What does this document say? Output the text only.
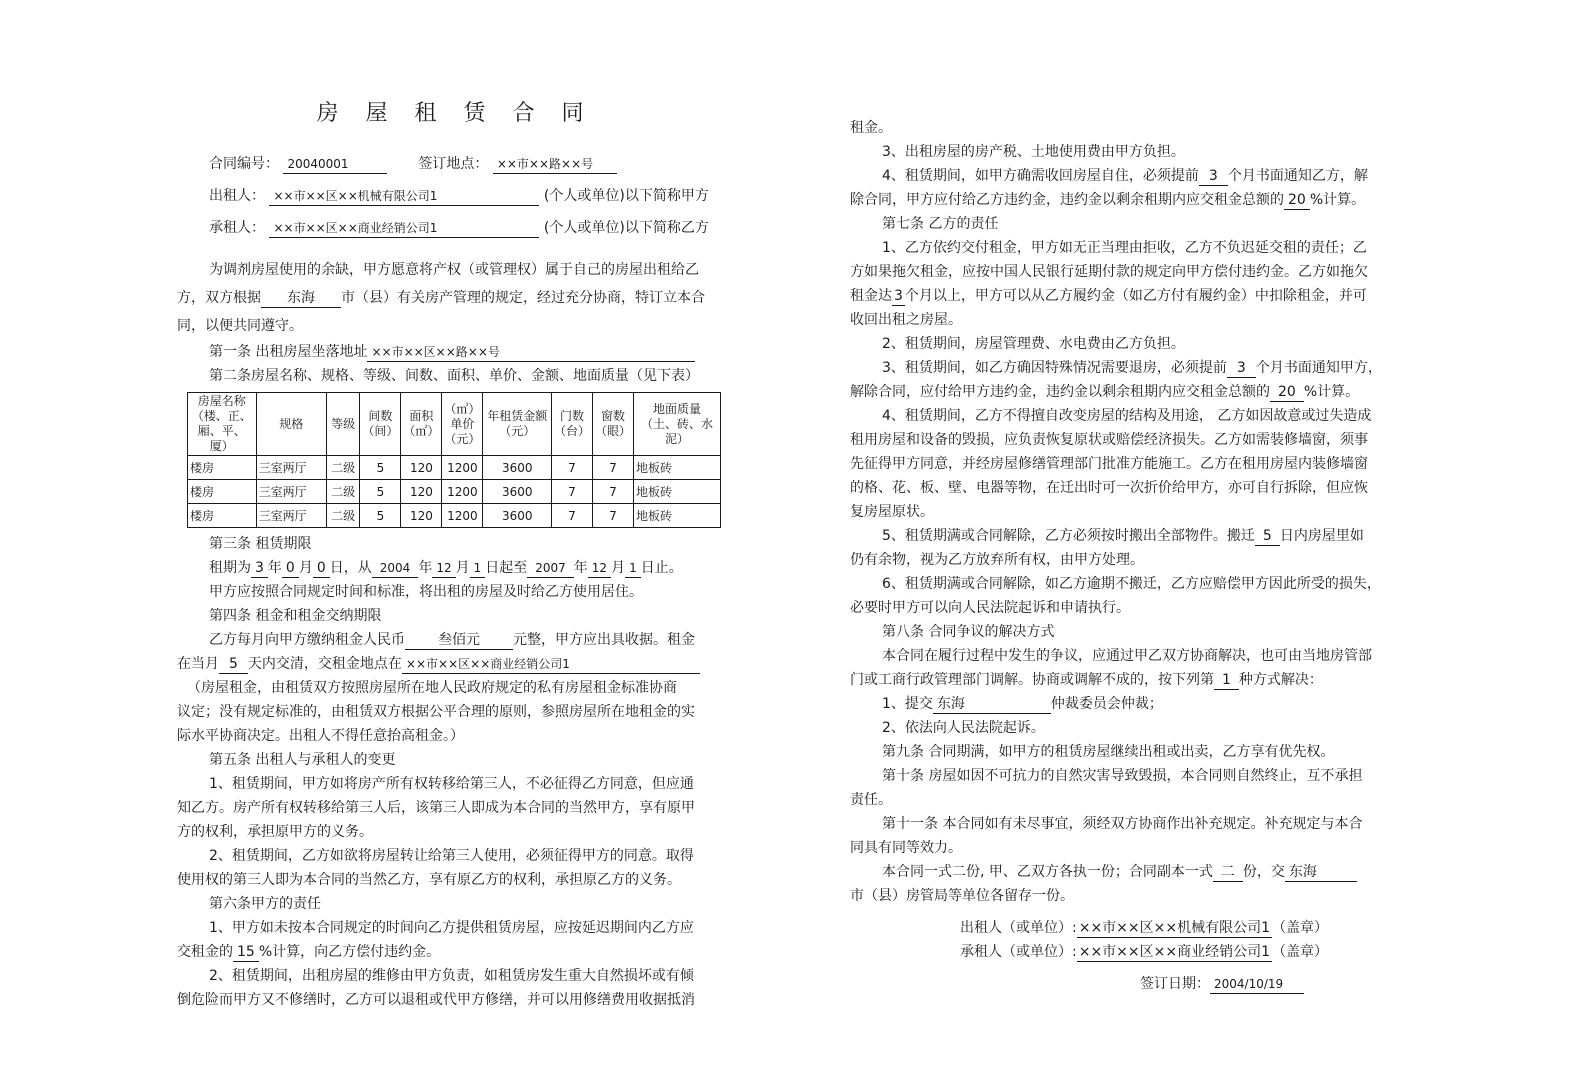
房 屋 租 赁 合 同
合同编号： 20040001	签订地点： ××市××路××号
出租人： ××市××区××机械有限公司1	(个人或单位)以下简称甲方
承租人： ××市××区××商业经销公司1	(个人或单位)以下简称乙方
为调剂房屋使用的余缺，甲方愿意将产权（或管理权）属于自己的房屋出租给乙
方，双方根据 东海 市（县）有关房产管理的规定，经过充分协商，特订立本合
同，以便共同遵守。
第一条 出租房屋坐落地址 ××市××区××路××号
第二条房屋名称、规格、等级、间数、面积、单价、金额、地面质量（见下表）
房屋名称（楼、正、厢、平、厦）	规格	等级	间数（间）	面积（㎡）	（㎡）单价（元）	年租赁金额（元）	门数（台）	窗数（眼）	地面质量（土、砖、水泥）
楼房	三室两厅	二级	5	120	1200	3600	7	7	地板砖
楼房	三室两厅	二级	5	120	1200	3600	7	7	地板砖
楼房	三室两厅	二级	5	120	1200	3600	7	7	地板砖
第三条 租赁期限
租期为 3 年 0 月 0 日，从 2004 年 12 月 1 日起至 2007 年 12 月 1 日止。
甲方应按照合同规定时间和标准，将出租的房屋及时给乙方使用居住。
第四条 租金和租金交纳期限
乙方每月向甲方缴纳租金人民币 叁佰元 元整，甲方应出具收据。租金
在当月 5 天内交清，交租金地点在 ××市××区××商业经销公司1
（房屋租金，由租赁双方按照房屋所在地人民政府规定的私有房屋租金标准协商
议定；没有规定标准的，由租赁双方根据公平合理的原则，参照房屋所在地租金的实
际水平协商决定。出租人不得任意抬高租金。）
第五条 出租人与承租人的变更
1、租赁期间，甲方如将房产所有权转移给第三人，不必征得乙方同意，但应通
知乙方。房产所有权转移给第三人后，该第三人即成为本合同的当然甲方，享有原甲
方的权利，承担原甲方的义务。
2、租赁期间，乙方如欲将房屋转让给第三人使用，必须征得甲方的同意。取得
使用权的第三人即为本合同的当然乙方，享有原乙方的权利，承担原乙方的义务。
第六条甲方的责任
1、甲方如未按本合同规定的时间向乙方提供租赁房屋，应按延迟期间内乙方应
交租金的 15 %计算，向乙方偿付违约金。
2、租赁期间，出租房屋的维修由甲方负责，如租赁房发生重大自然损坏或有倾
倒危险而甲方又不修缮时，乙方可以退租或代甲方修缮，并可以用修缮费用收据抵消
租金。
3、出租房屋的房产税、土地使用费由甲方负担。
4、租赁期间，如甲方确需收回房屋自住，必须提前 3 个月书面通知乙方，解
除合同，甲方应付给乙方违约金，违约金以剩余租期内应交租金总额的 20 %计算。
第七条 乙方的责任
1、乙方依约交付租金，甲方如无正当理由拒收，乙方不负迟延交租的责任；乙
方如果拖欠租金，应按中国人民银行延期付款的规定向甲方偿付违约金。乙方如拖欠
租金达 3 个月以上，甲方可以从乙方履约金（如乙方付有履约金）中扣除租金，并可
收回出租之房屋。
2、租赁期间，房屋管理费、水电费由乙方负担。
3、租赁期间，如乙方确因特殊情况需要退房，必须提前 3 个月书面通知甲方，
解除合同，应付给甲方违约金，违约金以剩余租期内应交租金总额的 20 %计算。
4、租赁期间，乙方不得擅自改变房屋的结构及用途， 乙方如因故意或过失造成
租用房屋和设备的毁损，应负责恢复原状或赔偿经济损失。乙方如需装修墙窗，须事
先征得甲方同意，并经房屋修缮管理部门批准方能施工。乙方在租用房屋内装修墙窗
的格、花、板、壁、电器等物，在迁出时可一次折价给甲方，亦可自行拆除，但应恢
复房屋原状。
5、租赁期满或合同解除，乙方必须按时搬出全部物件。搬迁 5 日内房屋里如
仍有余物，视为乙方放弃所有权，由甲方处理。
6、租赁期满或合同解除，如乙方逾期不搬迁，乙方应赔偿甲方因此所受的损失，
必要时甲方可以向人民法院起诉和申请执行。
第八条 合同争议的解决方式
本合同在履行过程中发生的争议，应通过甲乙双方协商解决，也可由当地房管部
门或工商行政管理部门调解。协商或调解不成的，按下列第 1 种方式解决：
1、提交 东海	仲裁委员会仲裁；
2、依法向人民法院起诉。
第九条 合同期满，如甲方的租赁房屋继续出租或出卖，乙方享有优先权。
第十条 房屋如因不可抗力的自然灾害导致毁损，本合同则自然终止，互不承担
责任。
第十一条 本合同如有未尽事宜，须经双方协商作出补充规定。补充规定与本合
同具有同等效力。
本合同一式二份, 甲、乙双方各执一份；合同副本一式 二 份，交 东海
市（县）房管局等单位各留存一份。
出租人（或单位）: ××市××区××机械有限公司1 （盖章）
承租人（或单位）: ××市××区××商业经销公司1 （盖章）
签订日期： 2004/10/19
